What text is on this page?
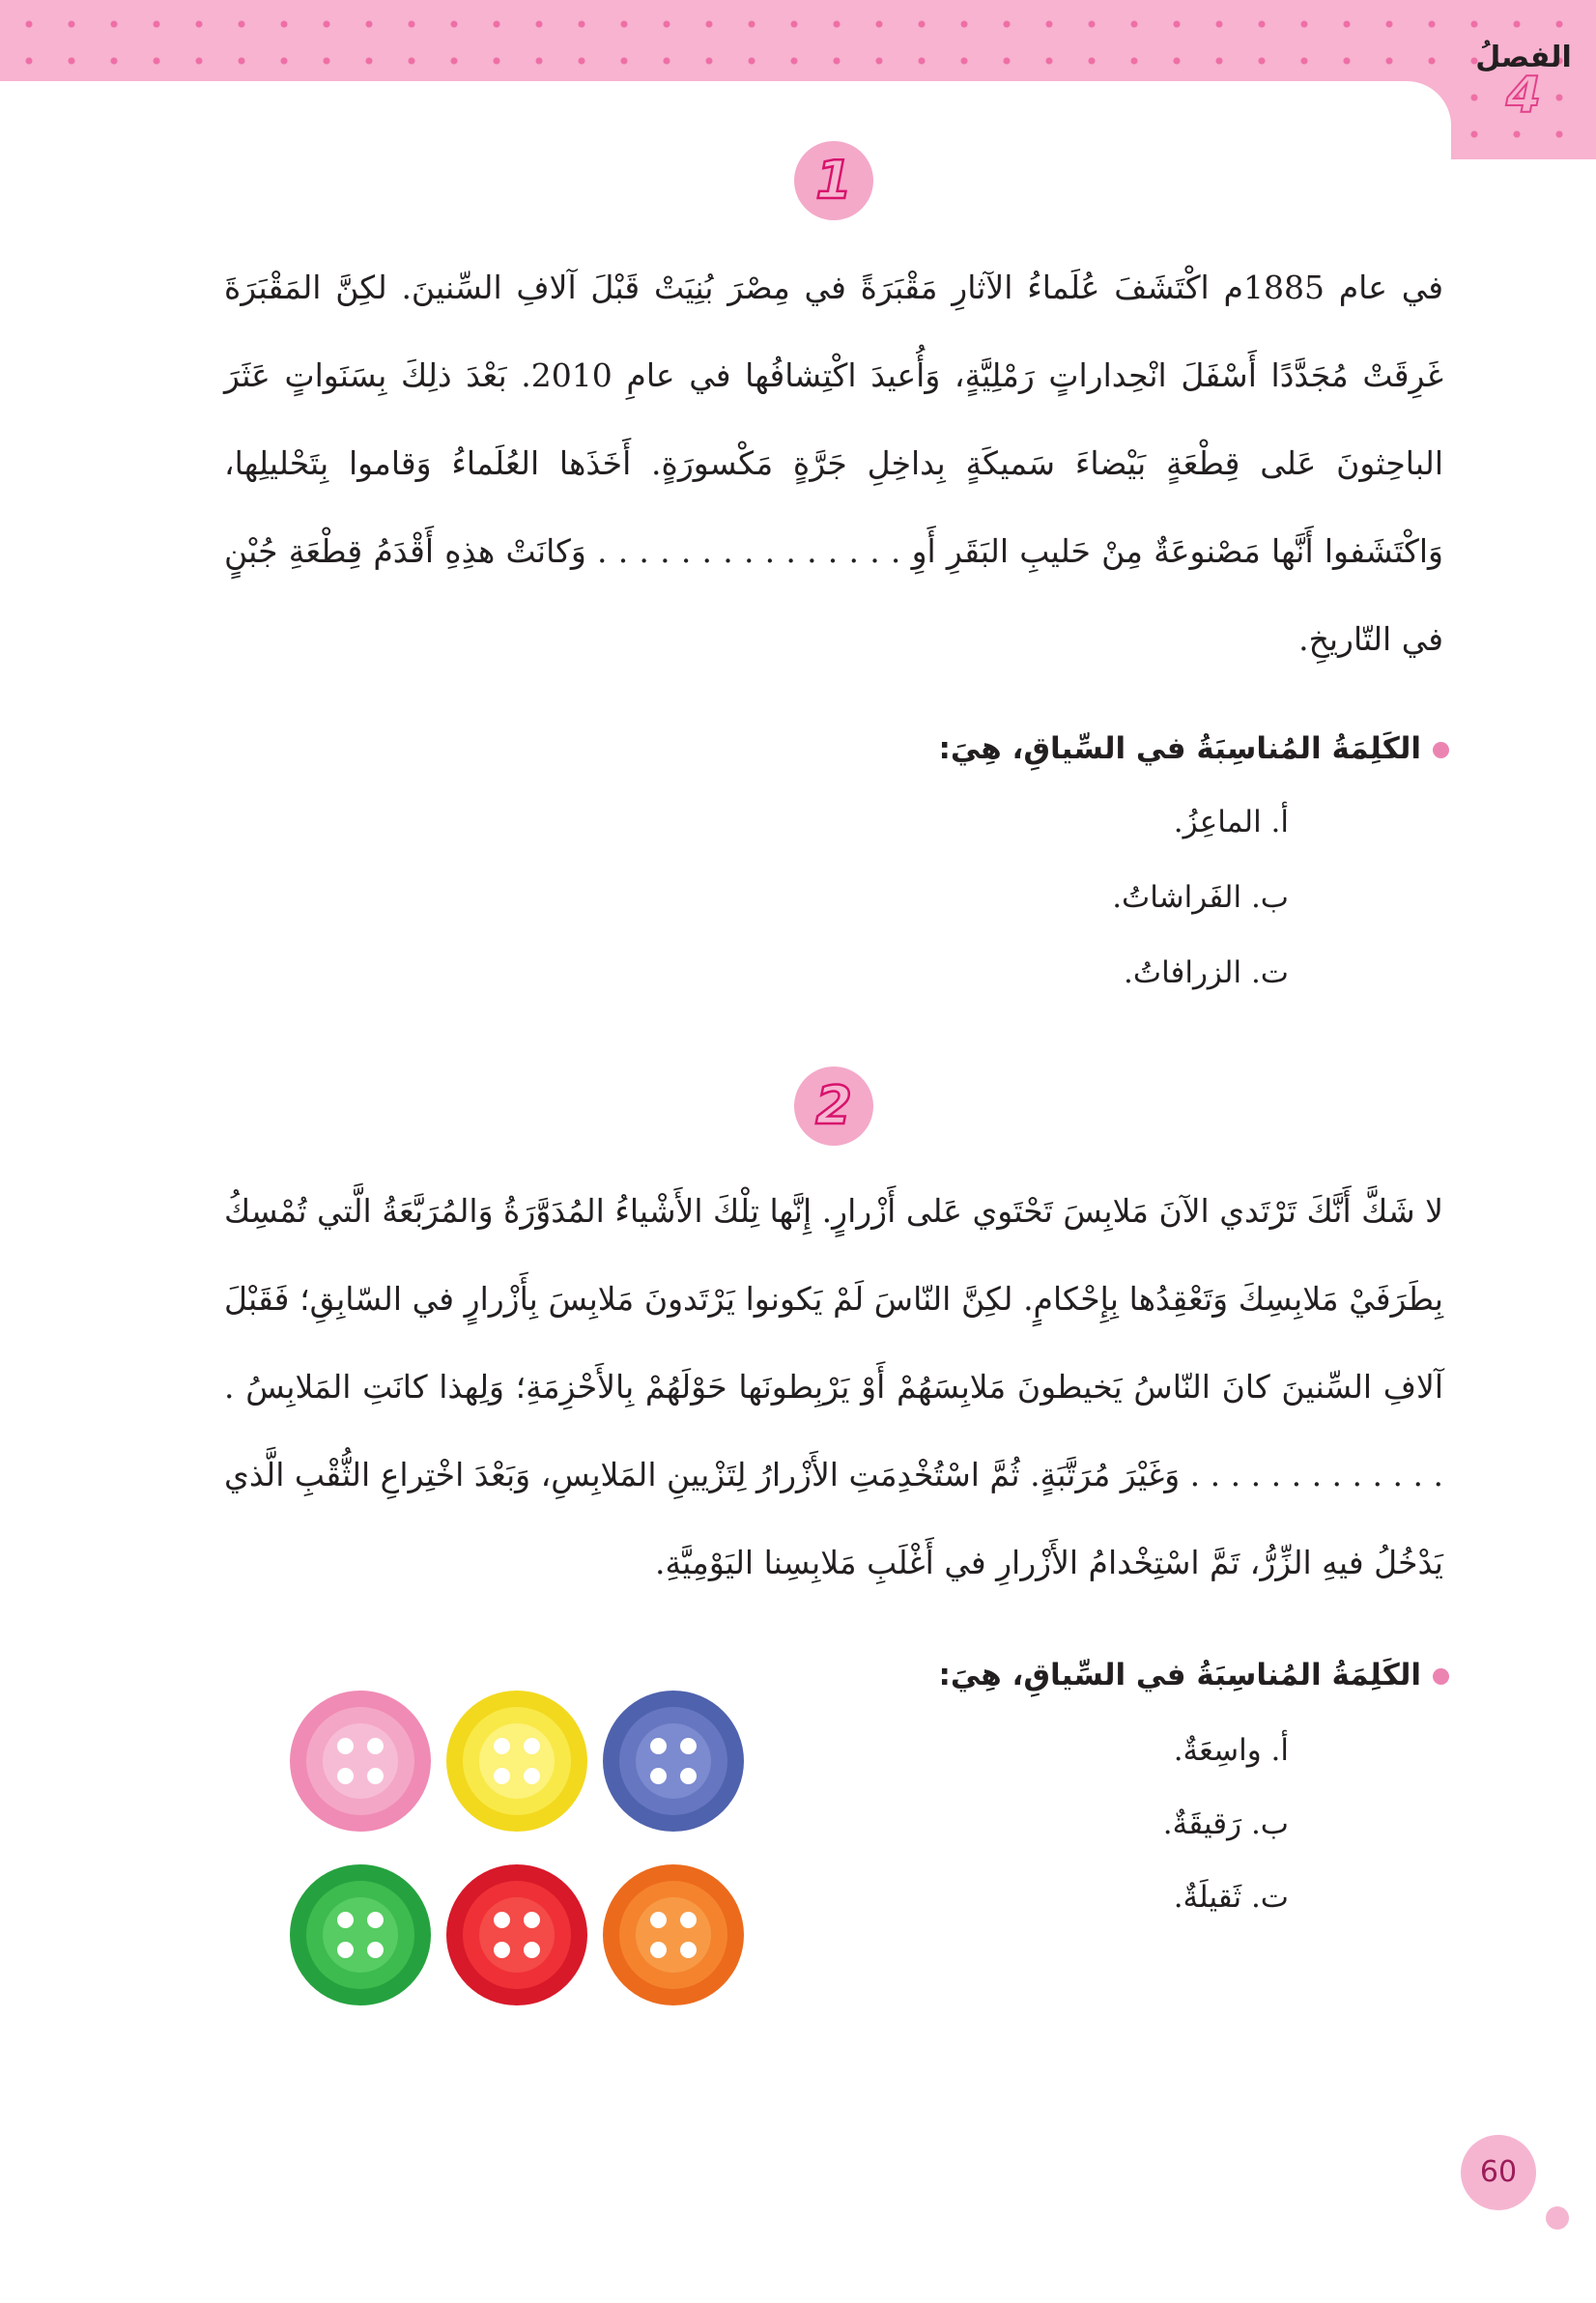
الفصلُ
4
1

في عام 1885م اكْتَشَفَ عُلَماءُ الآثارِ مَقْبَرَةً في مِصْرَ بُنِيَتْ قَبْلَ آلافِ السِّنينَ. لكِنَّ المَقْبَرَةَ غَرِقَتْ مُجَدَّدًا أَسْفَلَ انْحِداراتٍ رَمْلِيَّةٍ، وَأُعيدَ اكْتِشافُها في عامِ 2010. بَعْدَ ذلِكَ بِسَنَواتٍ عَثَرَ الباحِثونَ عَلى قِطْعَةٍ بَيْضاءَ سَميكَةٍ بِداخِلِ جَرَّةٍ مَكْسورَةٍ. أَخَذَها العُلَماءُ وَقاموا بِتَحْليلِها، وَاكْتَشَفوا أَنَّها مَصْنوعَةٌ مِنْ حَليبِ البَقَرِ أَوِ . . . . . . . . . . . . . . . وَكانَتْ هذِهِ أَقْدَمُ قِطْعَةِ جُبْنٍ في التّاريخِ.

الكَلِمَةُ المُناسِبَةُ في السِّياقِ، هِيَ:
أ. الماعِزُ.
ب. الفَراشاتُ.
ت. الزرافاتُ.
2

لا شَكَّ أَنَّكَ تَرْتَدي الآنَ مَلابِسَ تَحْتَوي عَلى أَزْرارٍ. إِنَّها تِلْكَ الأَشْياءُ المُدَوَّرَةُ وَالمُرَبَّعَةُ الَّتي تُمْسِكُ بِطَرَفَيْ مَلابِسِكَ وَتَعْقِدُها بِإِحْكامٍ. لكِنَّ النّاسَ لَمْ يَكونوا يَرْتَدونَ مَلابِسَ بِأَزْرارٍ في السّابِقِ؛ فَقَبْلَ آلافِ السِّنينَ كانَ النّاسُ يَخيطونَ مَلابِسَهُمْ أَوْ يَرْبِطونَها حَوْلَهُمْ بِالأَحْزِمَةِ؛ وَلِهذا كانَتِ المَلابِسُ . . . . . . . . . . . . . . وَغَيْرَ مُرَتَّبَةٍ. ثُمَّ اسْتُخْدِمَتِ الأَزْرارُ لِتَزْيينِ المَلابِسِ، وَبَعْدَ اخْتِراعِ الثُّقْبِ الَّذي يَدْخُلُ فيهِ الزِّرُّ، تَمَّ اسْتِخْدامُ الأَزْرارِ في أَغْلَبِ مَلابِسِنا اليَوْمِيَّةِ.

الكَلِمَةُ المُناسِبَةُ في السِّياقِ، هِيَ:
أ. واسِعَةٌ.
ب. رَقيقَةٌ.
ت. ثَقيلَةٌ.
60
